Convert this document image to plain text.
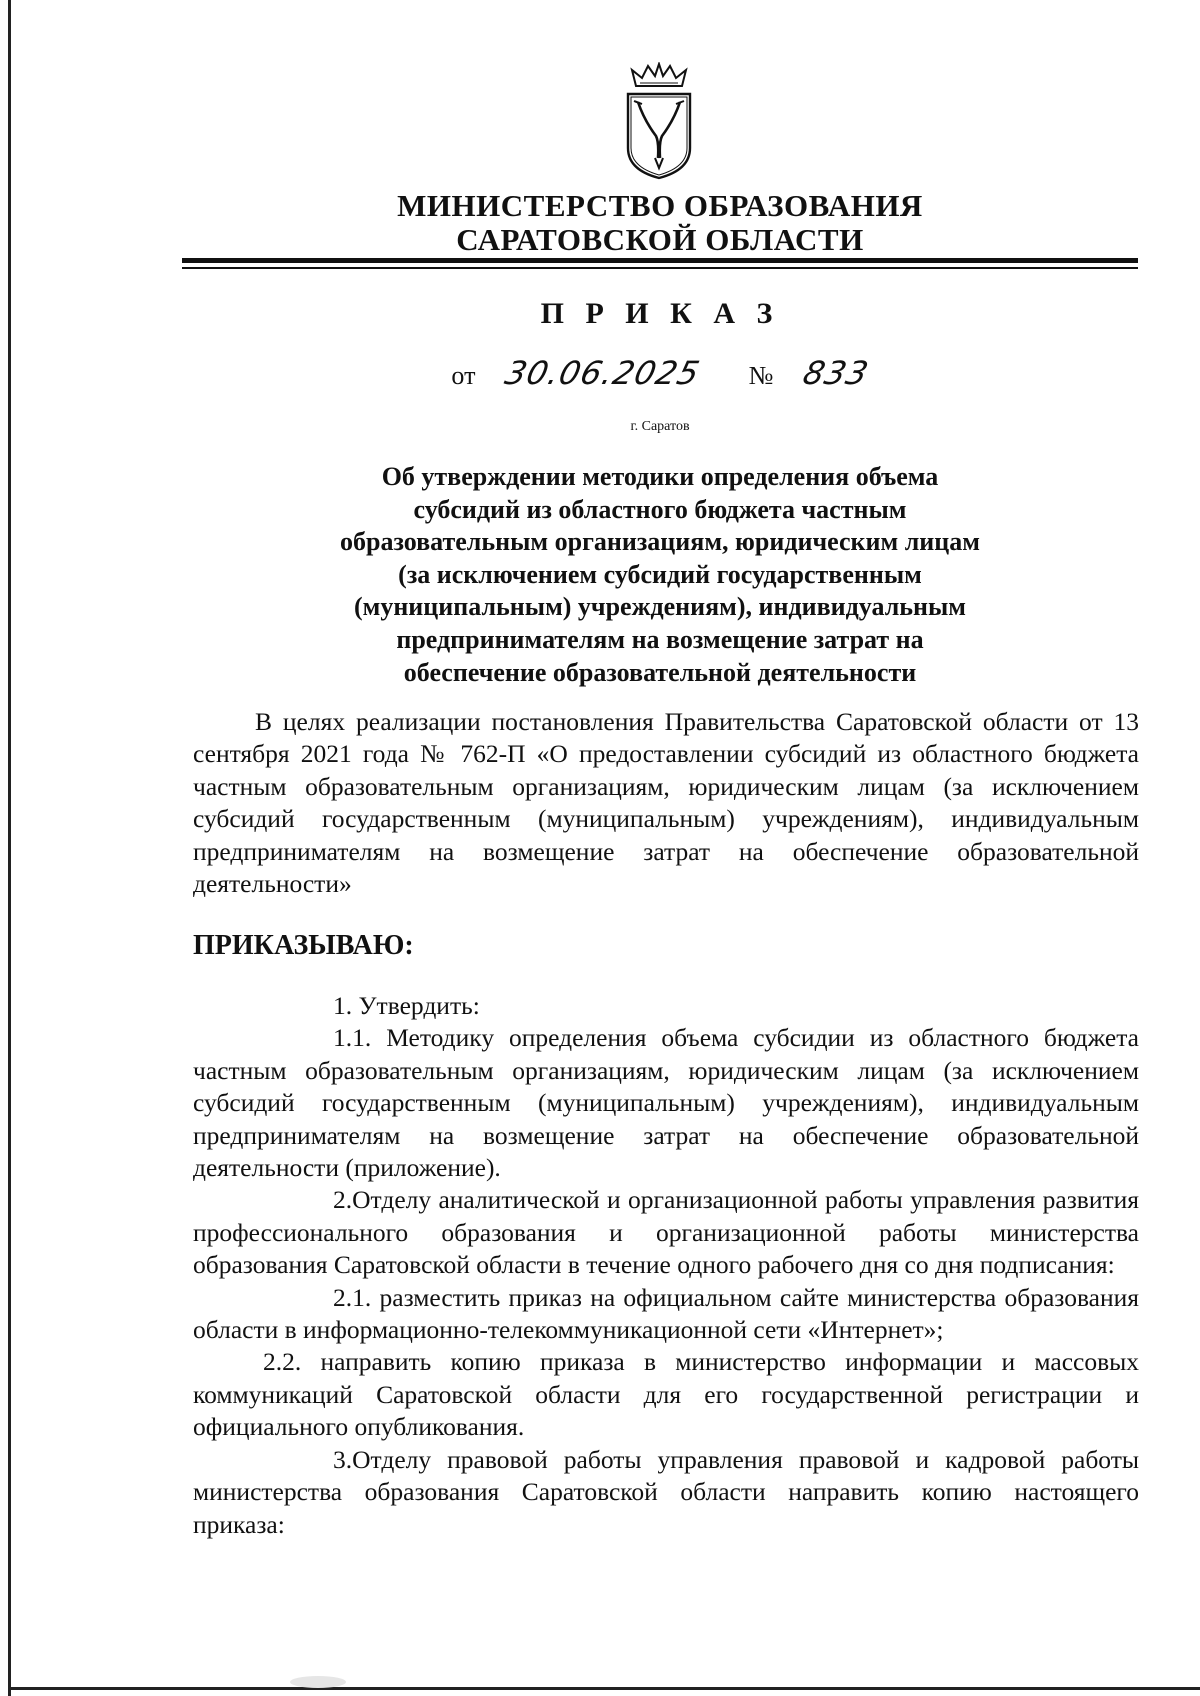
МИНИСТЕРСТВО ОБРАЗОВАНИЯ
САРАТОВСКОЙ ОБЛАСТИ
П Р И К А З
от 30.06.2025 № 833
г. Саратов
Об утверждении методики определения объема
субсидий из областного бюджета частным
образовательным организациям, юридическим лицам
(за исключением субсидий государственным
(муниципальным) учреждениям), индивидуальным
предпринимателям на возмещение затрат на
обеспечение образовательной деятельности
В целях реализации постановления Правительства Саратовской области от 13 сентября 2021 года № 762-П «О предоставлении субсидий из областного бюджета частным образовательным организациям, юридическим лицам (за исключением субсидий государственным (муниципальным) учреждениям), индивидуальным предпринимателям на возмещение затрат на обеспечение образовательной деятельности»
ПРИКАЗЫВАЮ:

1. Утвердить:

1.1. Методику определения объема субсидии из областного бюджета частным образовательным организациям, юридическим лицам (за исключением субсидий государственным (муниципальным) учреждениям), индивидуальным предпринимателям на возмещение затрат на обеспечение образовательной деятельности (приложение).

2.Отделу аналитической и организационной работы управления развития профессионального образования и организационной работы министерства образования Саратовской области в течение одного рабочего дня со дня подписания:

2.1. разместить приказ на официальном сайте министерства образования области в информационно-телекоммуникационной сети «Интернет»;

2.2. направить копию приказа в министерство информации и массовых коммуникаций Саратовской области для его государственной регистрации и официального опубликования.

3.Отделу правовой работы управления правовой и кадровой работы министерства образования Саратовской области направить копию настоящего приказа:
